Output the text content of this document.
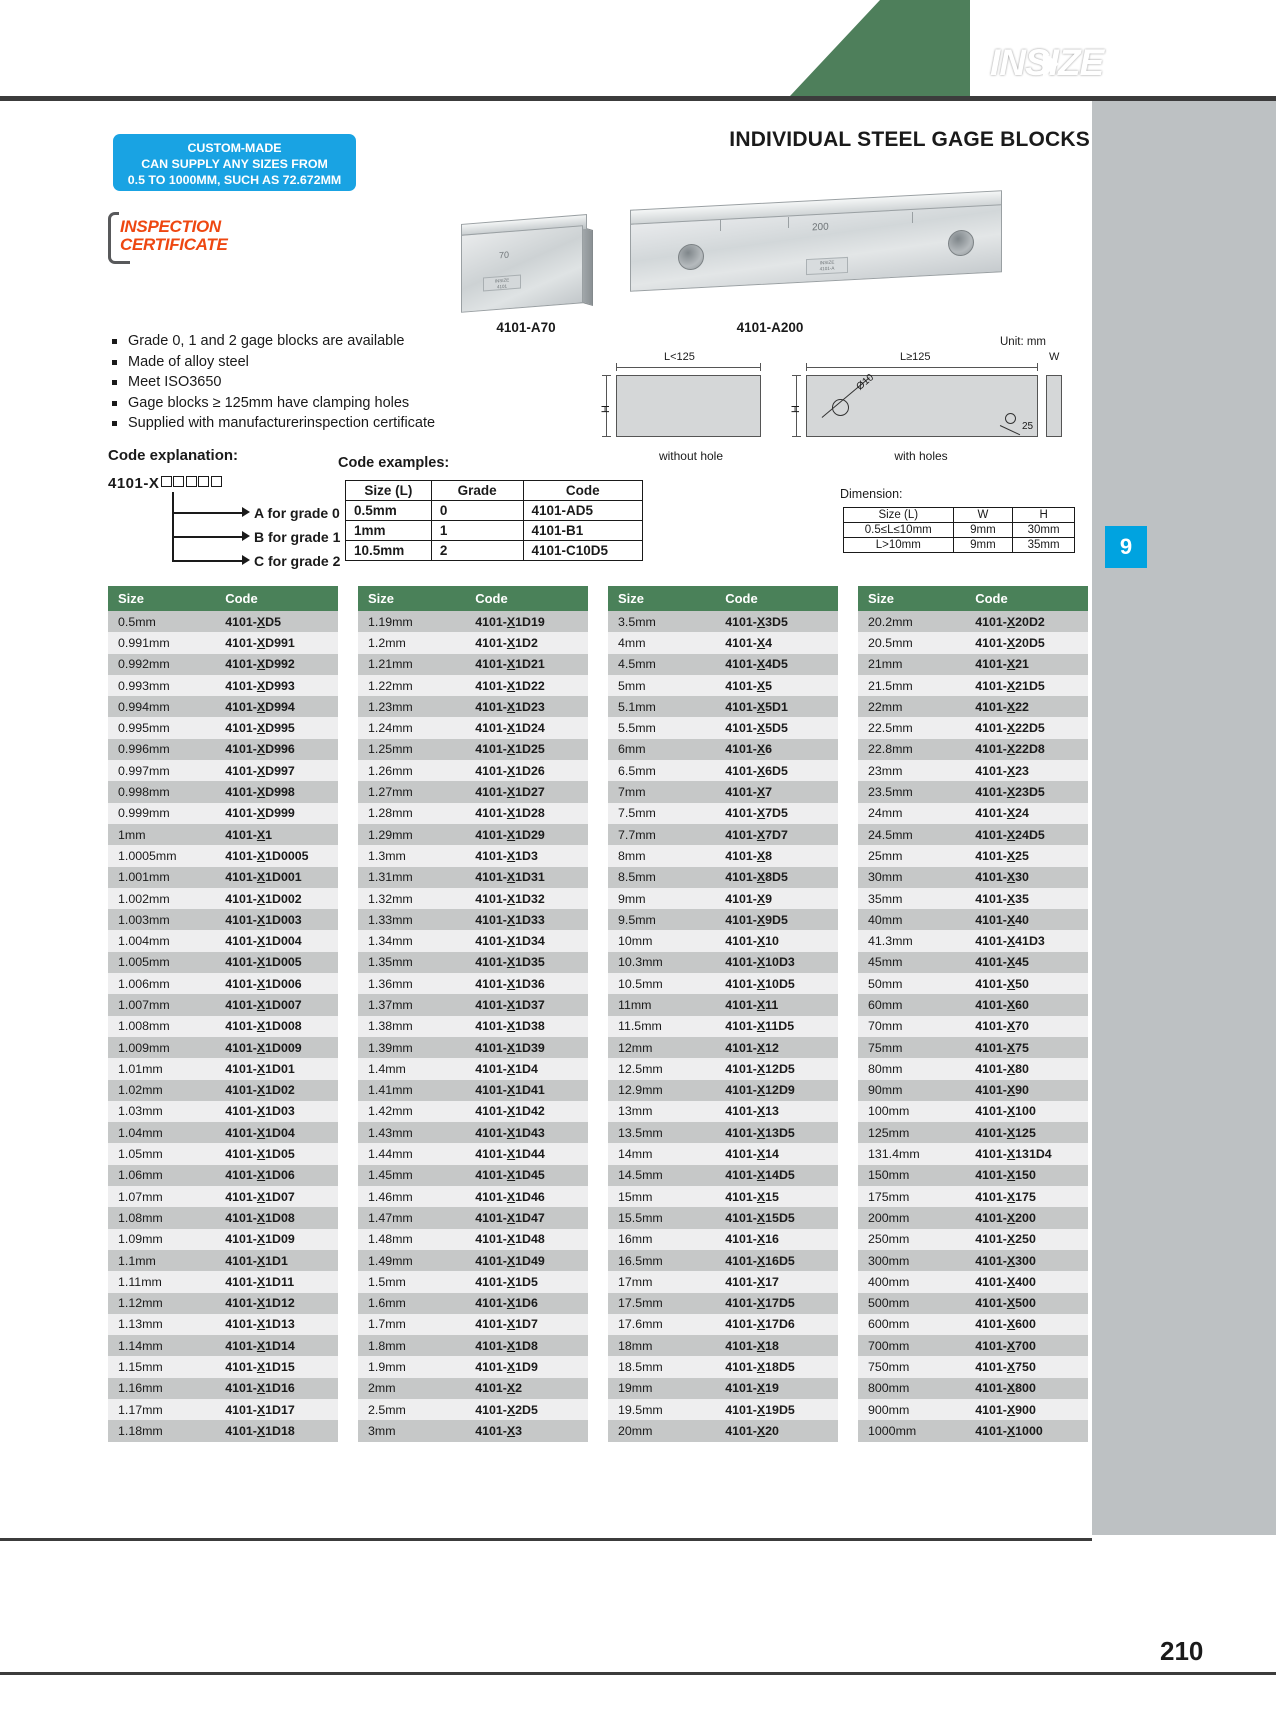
INSIZE
INDIVIDUAL STEEL GAGE BLOCKS
CUSTOM-MADE
CAN SUPPLY ANY SIZES FROM
0.5 TO 1000MM, SUCH AS 72.672MM
INSPECTION
CERTIFICATE
Grade 0, 1 and 2 gage blocks are available
Made of alloy steel
Meet ISO3650
Gage blocks ≥ 125mm have clamping holes
Supplied with manufacturerinspection certificate
70
INSIZE
4101
4101-A70
200
INSIZE
4101-A
4101-A200
Unit: mm
L<125
H
without hole
L≥125
H
Ø10
25
W
with holes
Code explanation:
4101-X
A for grade 0
B for grade 1
C for grade 2
Code examples:
Size (L)	Grade	Code
0.5mm	0	4101-AD5
1mm	1	4101-B1
10.5mm	2	4101-C10D5
Dimension:
Size (L)	W	H
0.5≤L≤10mm	9mm	30mm
L>10mm	9mm	35mm	9
Size	Code
0.5mm	4101-XD5
0.991mm	4101-XD991
0.992mm	4101-XD992
0.993mm	4101-XD993
0.994mm	4101-XD994
0.995mm	4101-XD995
0.996mm	4101-XD996
0.997mm	4101-XD997
0.998mm	4101-XD998
0.999mm	4101-XD999
1mm	4101-X1
1.0005mm	4101-X1D0005
1.001mm	4101-X1D001
1.002mm	4101-X1D002
1.003mm	4101-X1D003
1.004mm	4101-X1D004
1.005mm	4101-X1D005
1.006mm	4101-X1D006
1.007mm	4101-X1D007
1.008mm	4101-X1D008
1.009mm	4101-X1D009
1.01mm	4101-X1D01
1.02mm	4101-X1D02
1.03mm	4101-X1D03
1.04mm	4101-X1D04
1.05mm	4101-X1D05
1.06mm	4101-X1D06
1.07mm	4101-X1D07
1.08mm	4101-X1D08
1.09mm	4101-X1D09
1.1mm	4101-X1D1
1.11mm	4101-X1D11
1.12mm	4101-X1D12
1.13mm	4101-X1D13
1.14mm	4101-X1D14
1.15mm	4101-X1D15
1.16mm	4101-X1D16
1.17mm	4101-X1D17
1.18mm	4101-X1D18
Size	Code
1.19mm	4101-X1D19
1.2mm	4101-X1D2
1.21mm	4101-X1D21
1.22mm	4101-X1D22
1.23mm	4101-X1D23
1.24mm	4101-X1D24
1.25mm	4101-X1D25
1.26mm	4101-X1D26
1.27mm	4101-X1D27
1.28mm	4101-X1D28
1.29mm	4101-X1D29
1.3mm	4101-X1D3
1.31mm	4101-X1D31
1.32mm	4101-X1D32
1.33mm	4101-X1D33
1.34mm	4101-X1D34
1.35mm	4101-X1D35
1.36mm	4101-X1D36
1.37mm	4101-X1D37
1.38mm	4101-X1D38
1.39mm	4101-X1D39
1.4mm	4101-X1D4
1.41mm	4101-X1D41
1.42mm	4101-X1D42
1.43mm	4101-X1D43
1.44mm	4101-X1D44
1.45mm	4101-X1D45
1.46mm	4101-X1D46
1.47mm	4101-X1D47
1.48mm	4101-X1D48
1.49mm	4101-X1D49
1.5mm	4101-X1D5
1.6mm	4101-X1D6
1.7mm	4101-X1D7
1.8mm	4101-X1D8
1.9mm	4101-X1D9
2mm	4101-X2
2.5mm	4101-X2D5
3mm	4101-X3
Size	Code
3.5mm	4101-X3D5
4mm	4101-X4
4.5mm	4101-X4D5
5mm	4101-X5
5.1mm	4101-X5D1
5.5mm	4101-X5D5
6mm	4101-X6
6.5mm	4101-X6D5
7mm	4101-X7
7.5mm	4101-X7D5
7.7mm	4101-X7D7
8mm	4101-X8
8.5mm	4101-X8D5
9mm	4101-X9
9.5mm	4101-X9D5
10mm	4101-X10
10.3mm	4101-X10D3
10.5mm	4101-X10D5
11mm	4101-X11
11.5mm	4101-X11D5
12mm	4101-X12
12.5mm	4101-X12D5
12.9mm	4101-X12D9
13mm	4101-X13
13.5mm	4101-X13D5
14mm	4101-X14
14.5mm	4101-X14D5
15mm	4101-X15
15.5mm	4101-X15D5
16mm	4101-X16
16.5mm	4101-X16D5
17mm	4101-X17
17.5mm	4101-X17D5
17.6mm	4101-X17D6
18mm	4101-X18
18.5mm	4101-X18D5
19mm	4101-X19
19.5mm	4101-X19D5
20mm	4101-X20
Size	Code
20.2mm	4101-X20D2
20.5mm	4101-X20D5
21mm	4101-X21
21.5mm	4101-X21D5
22mm	4101-X22
22.5mm	4101-X22D5
22.8mm	4101-X22D8
23mm	4101-X23
23.5mm	4101-X23D5
24mm	4101-X24
24.5mm	4101-X24D5
25mm	4101-X25
30mm	4101-X30
35mm	4101-X35
40mm	4101-X40
41.3mm	4101-X41D3
45mm	4101-X45
50mm	4101-X50
60mm	4101-X60
70mm	4101-X70
75mm	4101-X75
80mm	4101-X80
90mm	4101-X90
100mm	4101-X100
125mm	4101-X125
131.4mm	4101-X131D4
150mm	4101-X150
175mm	4101-X175
200mm	4101-X200
250mm	4101-X250
300mm	4101-X300
400mm	4101-X400
500mm	4101-X500
600mm	4101-X600
700mm	4101-X700
750mm	4101-X750
800mm	4101-X800
900mm	4101-X900
1000mm	4101-X1000
210
